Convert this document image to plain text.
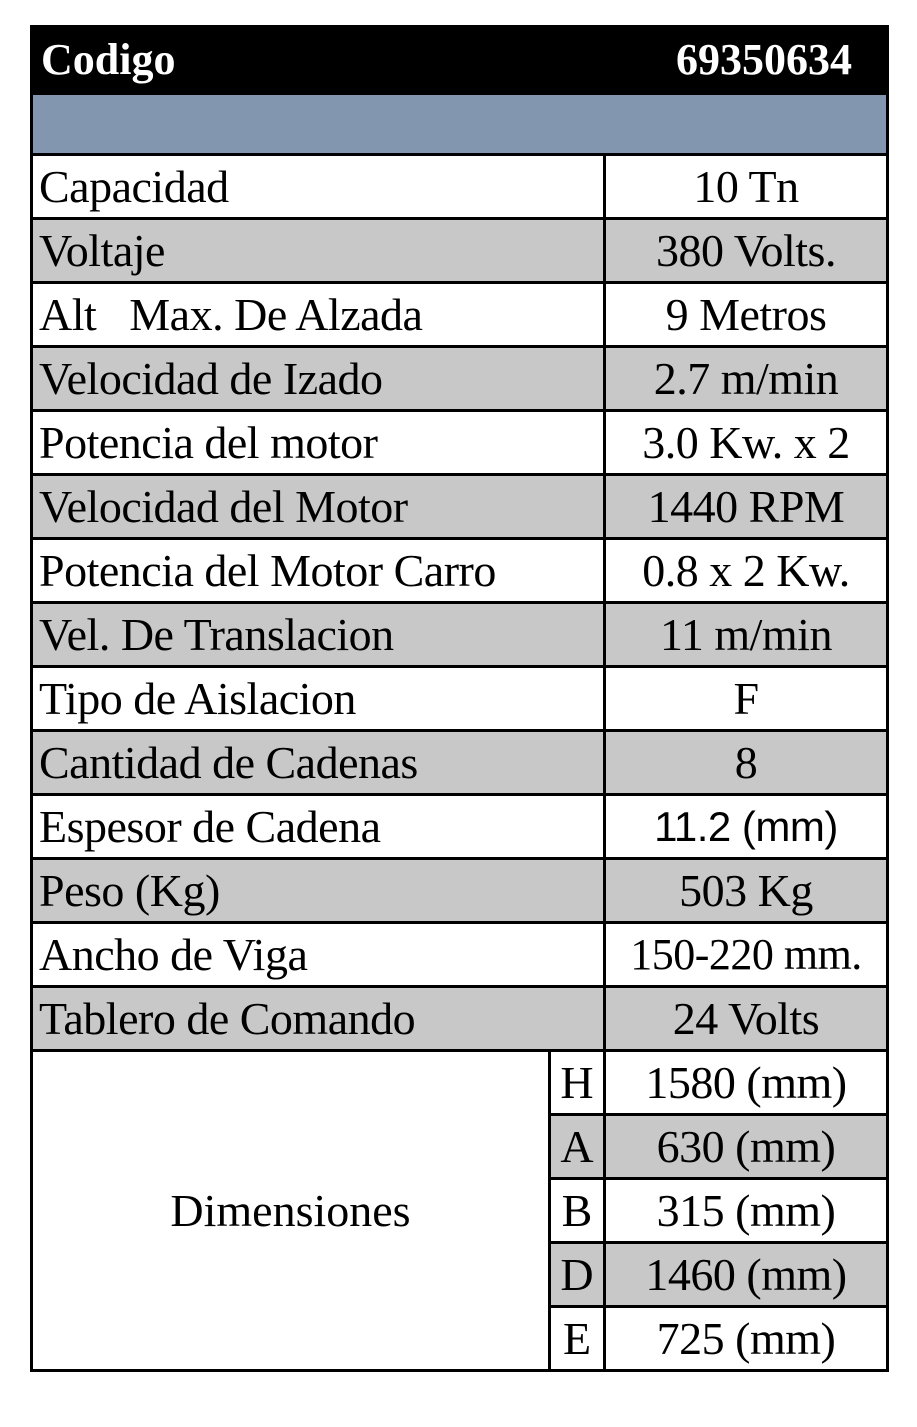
Codigo		69350634

Capacidad		10 Tn
Voltaje		380 Volts.
Alt   Max. De Alzada		9 Metros
Velocidad de Izado		2.7 m/min
Potencia del motor		3.0 Kw. x 2
Velocidad del Motor		1440 RPM
Potencia del Motor Carro		0.8 x 2 Kw.
Vel. De Translacion		11 m/min
Tipo de Aislacion		F
Cantidad de Cadenas		8
Espesor de Cadena		11.2 (mm)
Peso (Kg)		503 Kg
Ancho de Viga		150-220 mm.
Tablero de Comando		24 Volts
Dimensiones	H	1580 (mm)
	A	630 (mm)
	B	315 (mm)
	D	1460 (mm)
	E	725 (mm)
